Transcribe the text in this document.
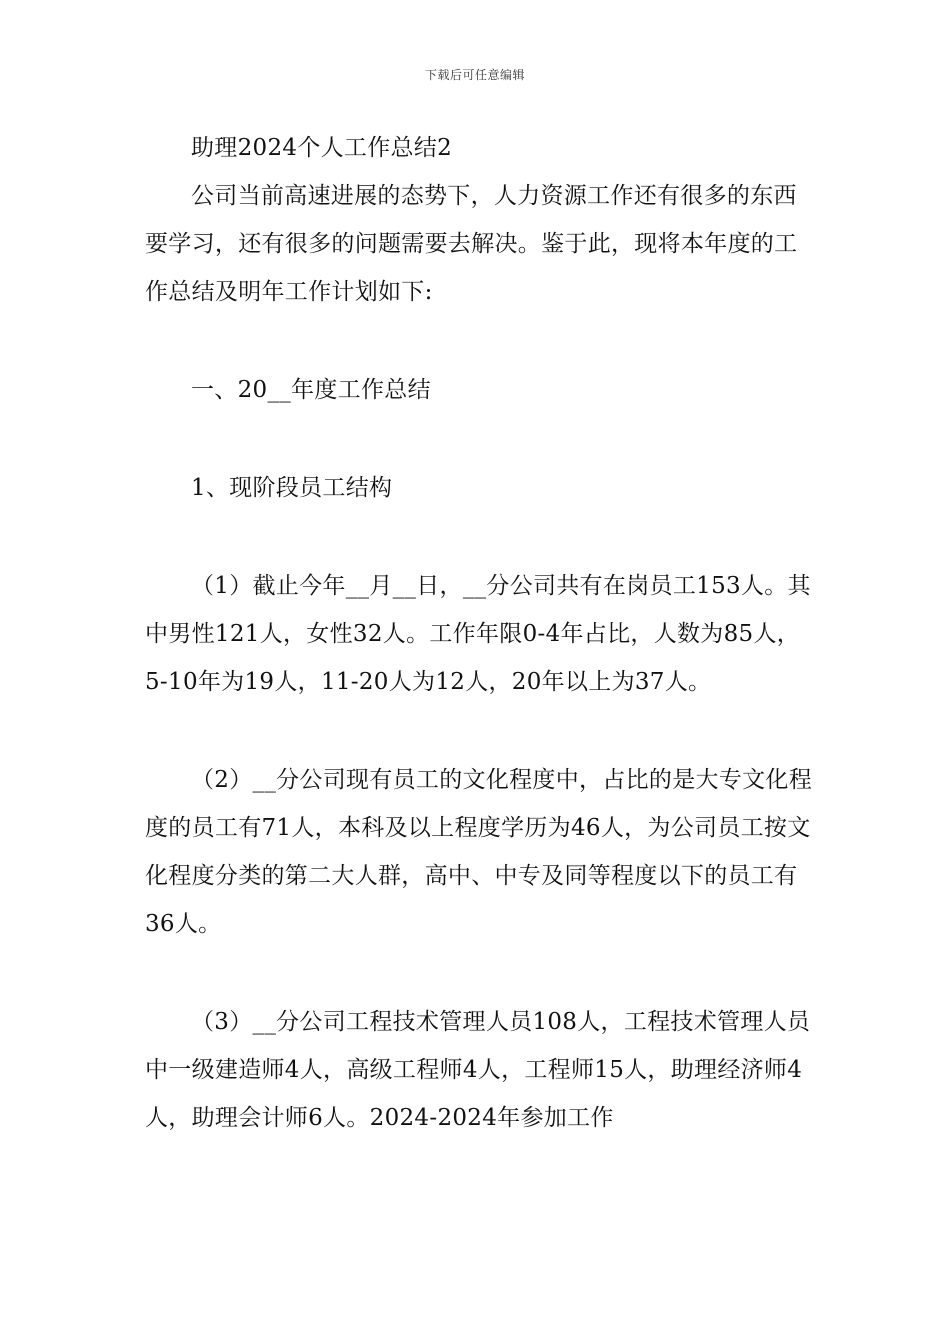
下载后可任意编辑

助理2024个人工作总结2

公司当前高速进展的态势下，人力资源工作还有很多的东西要学习，还有很多的问题需要去解决。鉴于此，现将本年度的工作总结及明年工作计划如下:

一、20__年度工作总结

1、现阶段员工结构

（1）截止今年__月__日，__分公司共有在岗员工153人。其中男性121人，女性32人。工作年限0-4年占比，人数为85人，5-10年为19人，11-20人为12人，20年以上为37人。

（2）__分公司现有员工的文化程度中，占比的是大专文化程度的员工有71人，本科及以上程度学历为46人，为公司员工按文化程度分类的第二大人群，高中、中专及同等程度以下的员工有36人。

（3）__分公司工程技术管理人员108人，工程技术管理人员中一级建造师4人，高级工程师4人，工程师15人，助理经济师4人，助理会计师6人。2024-2024年参加工作
